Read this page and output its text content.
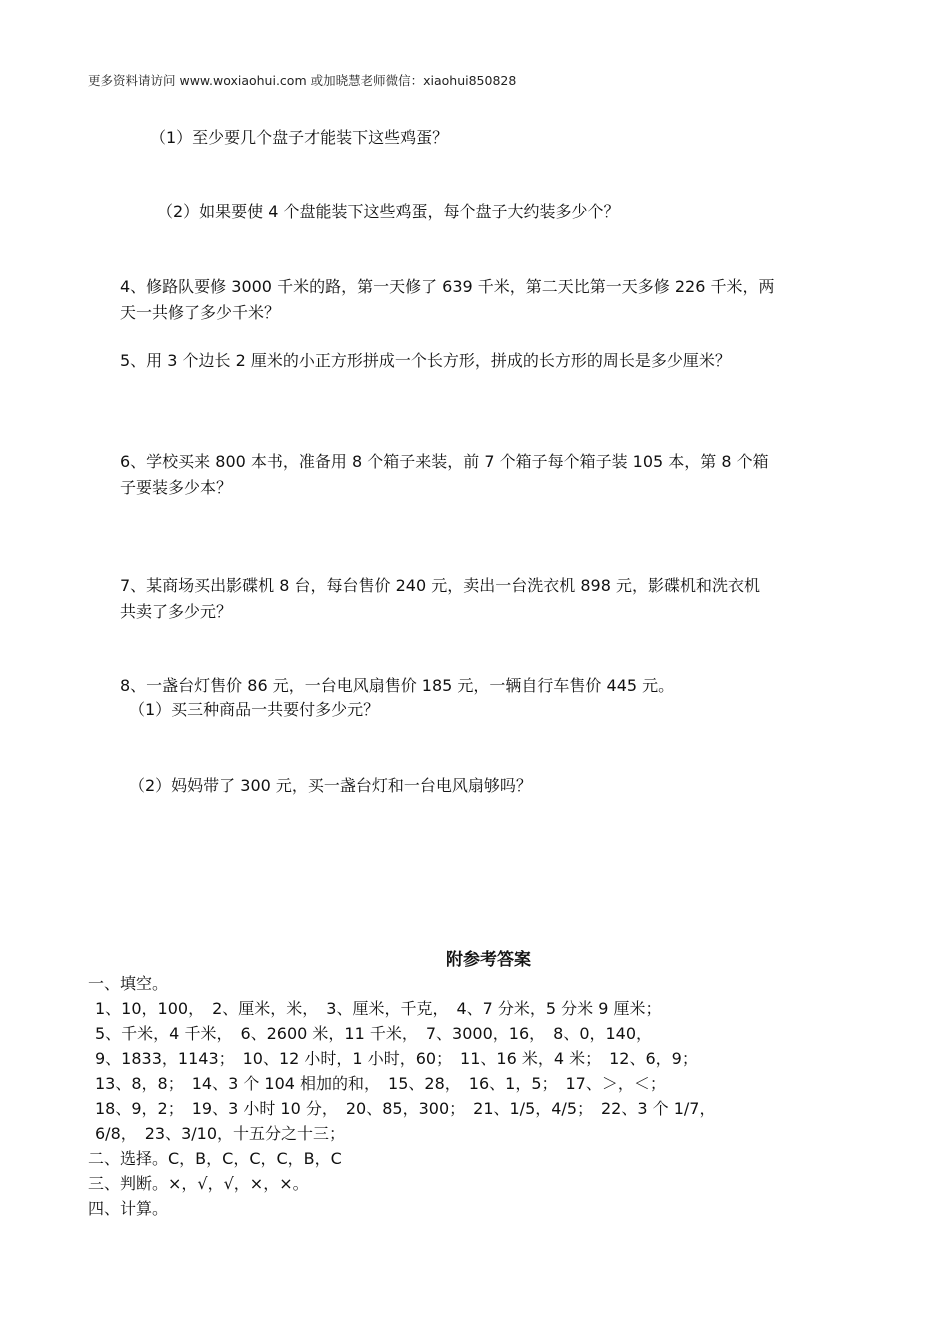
更多资料请访问 www.woxiaohui.com 或加晓慧老师微信：xiaohui850828
（1）至少要几个盘子才能装下这些鸡蛋？
（2）如果要使 4 个盘能装下这些鸡蛋，每个盘子大约装多少个？
4、修路队要修 3000 千米的路，第一天修了 639 千米，第二天比第一天多修 226 千米，两
天一共修了多少千米？
5、用 3 个边长 2 厘米的小正方形拼成一个长方形，拼成的长方形的周长是多少厘米？
6、学校买来 800 本书，准备用 8 个箱子来装，前 7 个箱子每个箱子装 105 本，第 8 个箱
子要装多少本？
7、某商场买出影碟机 8 台，每台售价 240 元，卖出一台洗衣机 898 元，影碟机和洗衣机
共卖了多少元？
8、一盏台灯售价 86 元，一台电风扇售价 185 元，一辆自行车售价 445 元。
（1）买三种商品一共要付多少元？
（2）妈妈带了 300 元，买一盏台灯和一台电风扇够吗？
附参考答案
一、填空。
1、10，100，　2、厘米，米，　3、厘米，千克，　4、7 分米，5 分米 9 厘米；
5、千米，4 千米，　6、2600 米，11 千米，　7、3000，16，　8、0，140，
9、1833，1143；　10、12 小时，1 小时，60；　11、16 米，4 米；　12、6，9；
13、8，8；　14、3 个 104 相加的和，　15、28，　16、1，5；　17、＞，＜；
18、9，2；　19、3 小时 10 分，　20、85，300；　21、1/5，4/5；　22、3 个 1/7，
6/8，　23、3/10，十五分之十三；
二、选择。C，B，C，C，C，B，C
三、判断。×，√，√，×，×。
四、计算。
